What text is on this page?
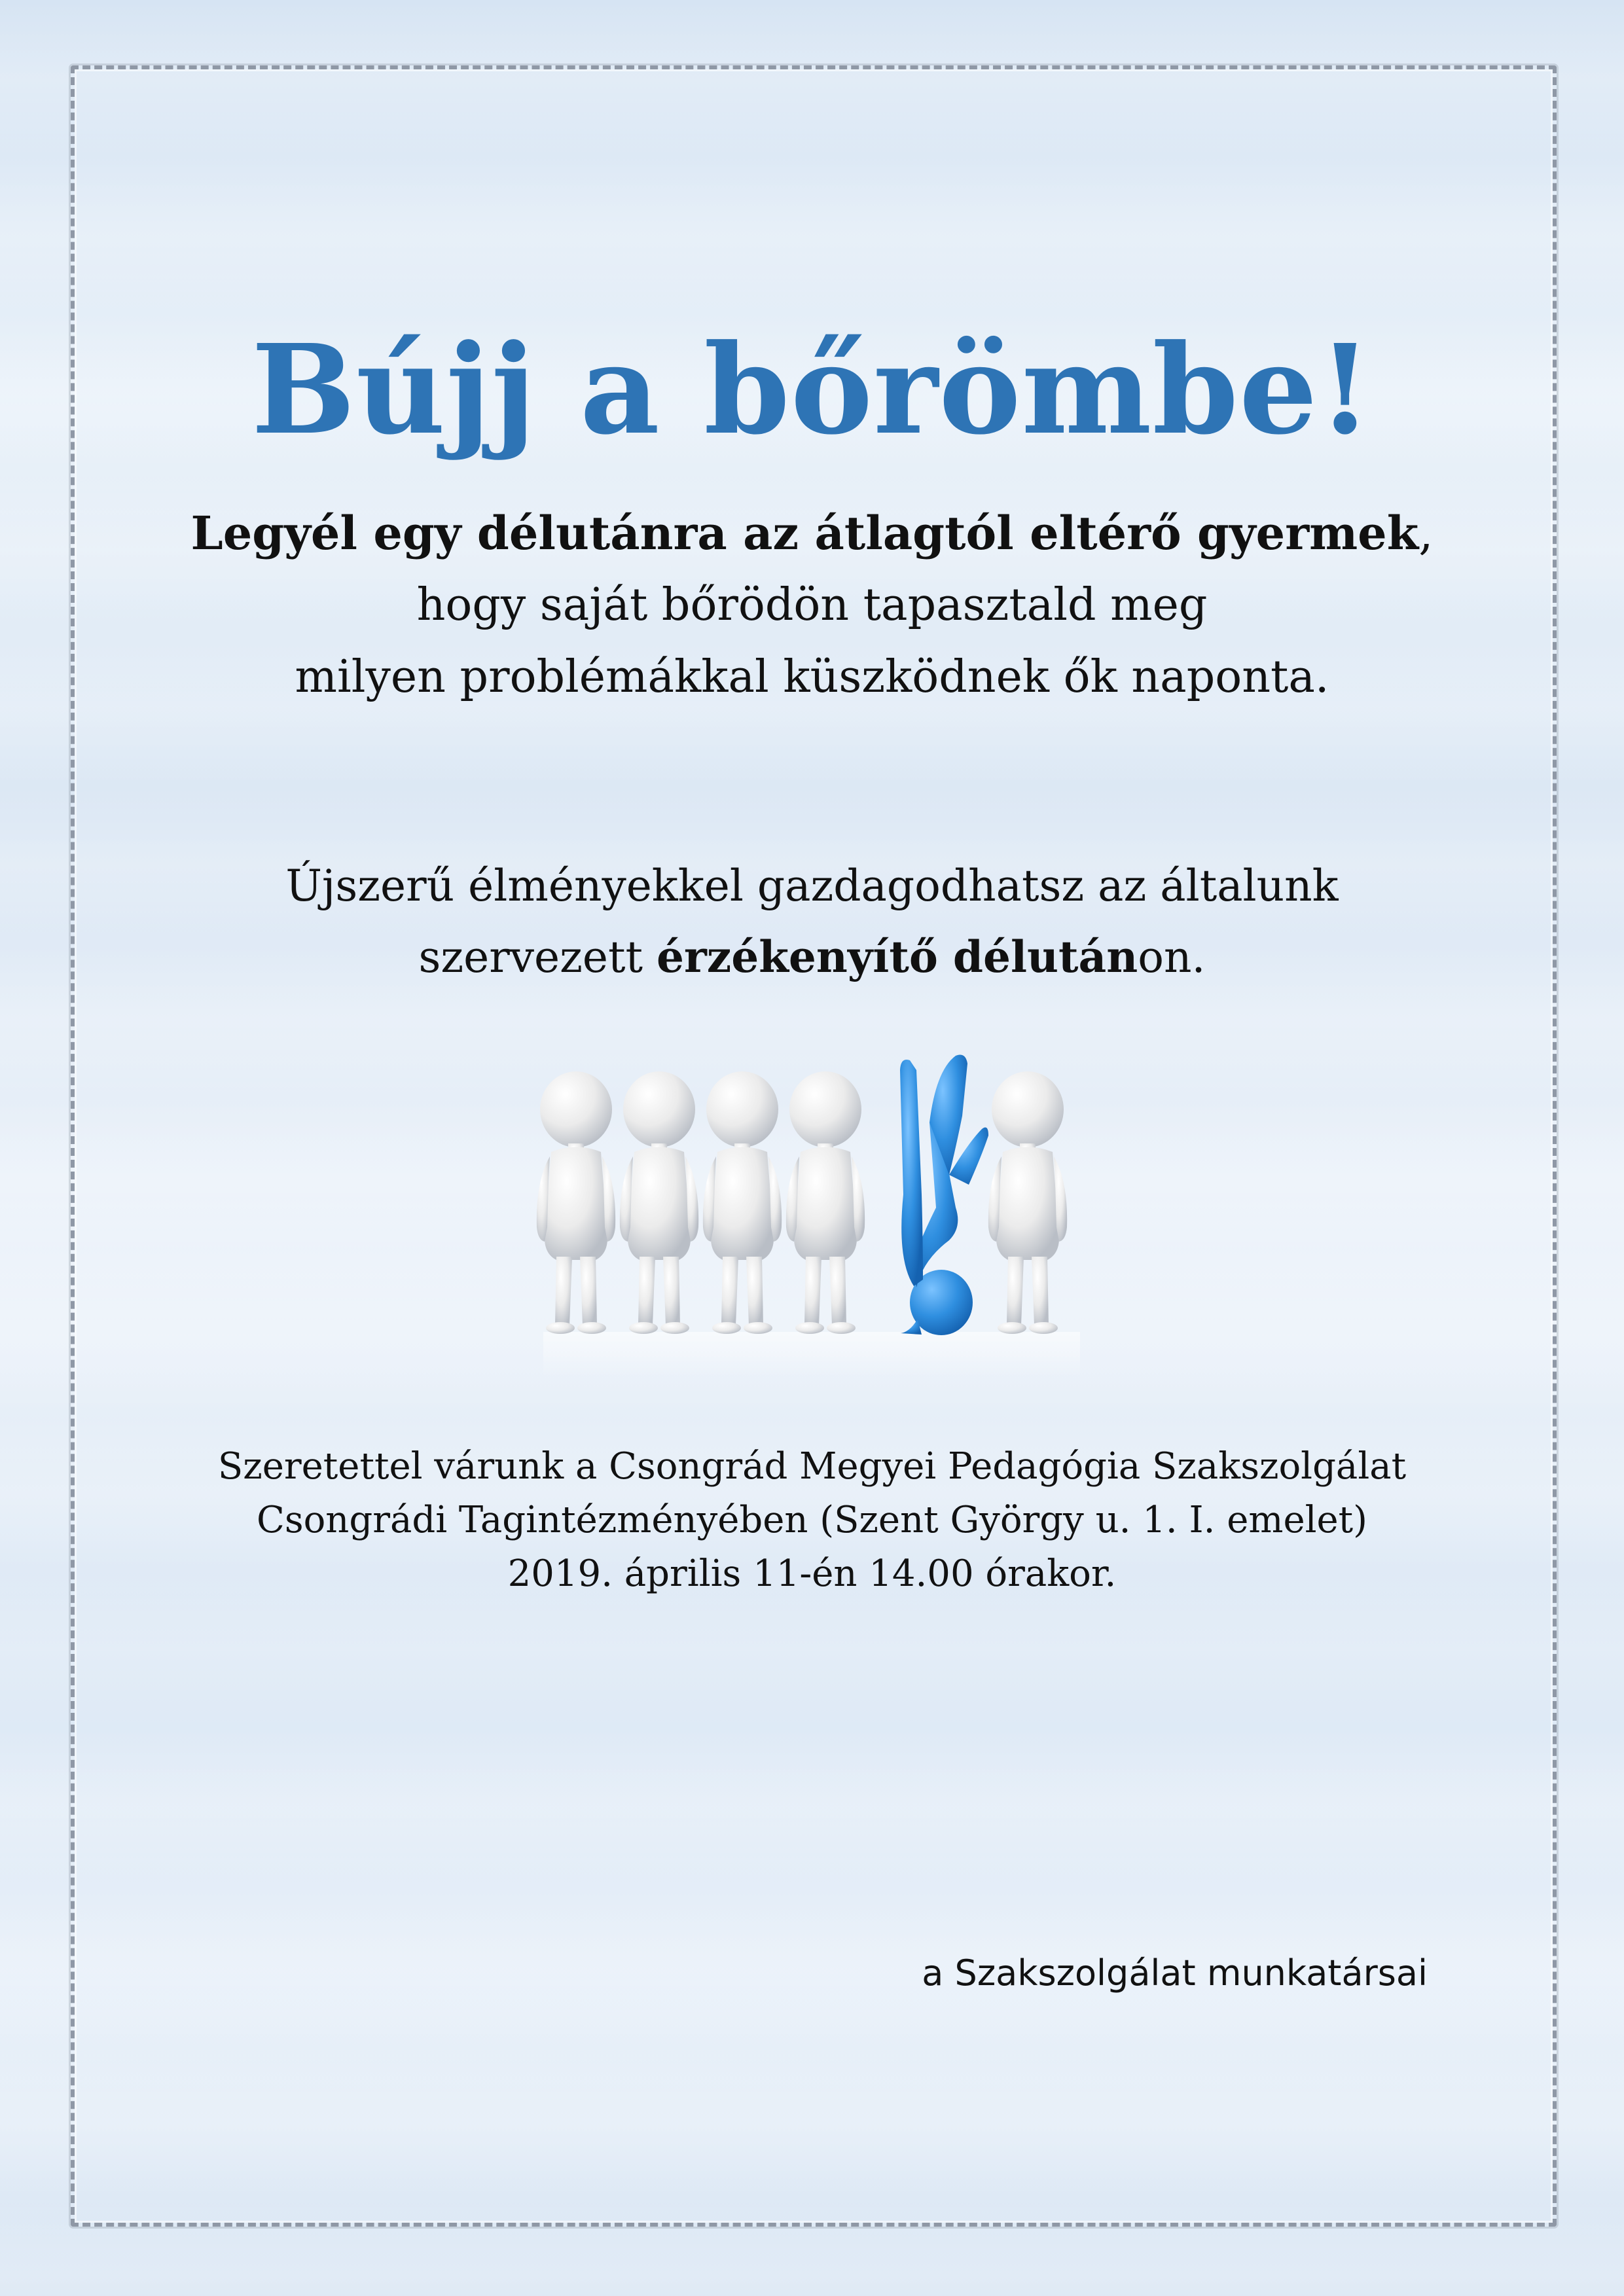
Bújj a bőrömbe!
Legyél egy délutánra az átlagtól eltérő gyermek,
hogy saját bőrödön tapasztald meg
milyen problémákkal küszködnek ők naponta.
Újszerű élményekkel gazdagodhatsz az általunk
szervezett érzékenyítő délutánon.
Szeretettel várunk a Csongrád Megyei Pedagógia Szakszolgálat
Csongrádi Tagintézményében (Szent György u. 1. I. emelet)
2019. április 11-én 14.00 órakor.
a Szakszolgálat munkatársai
